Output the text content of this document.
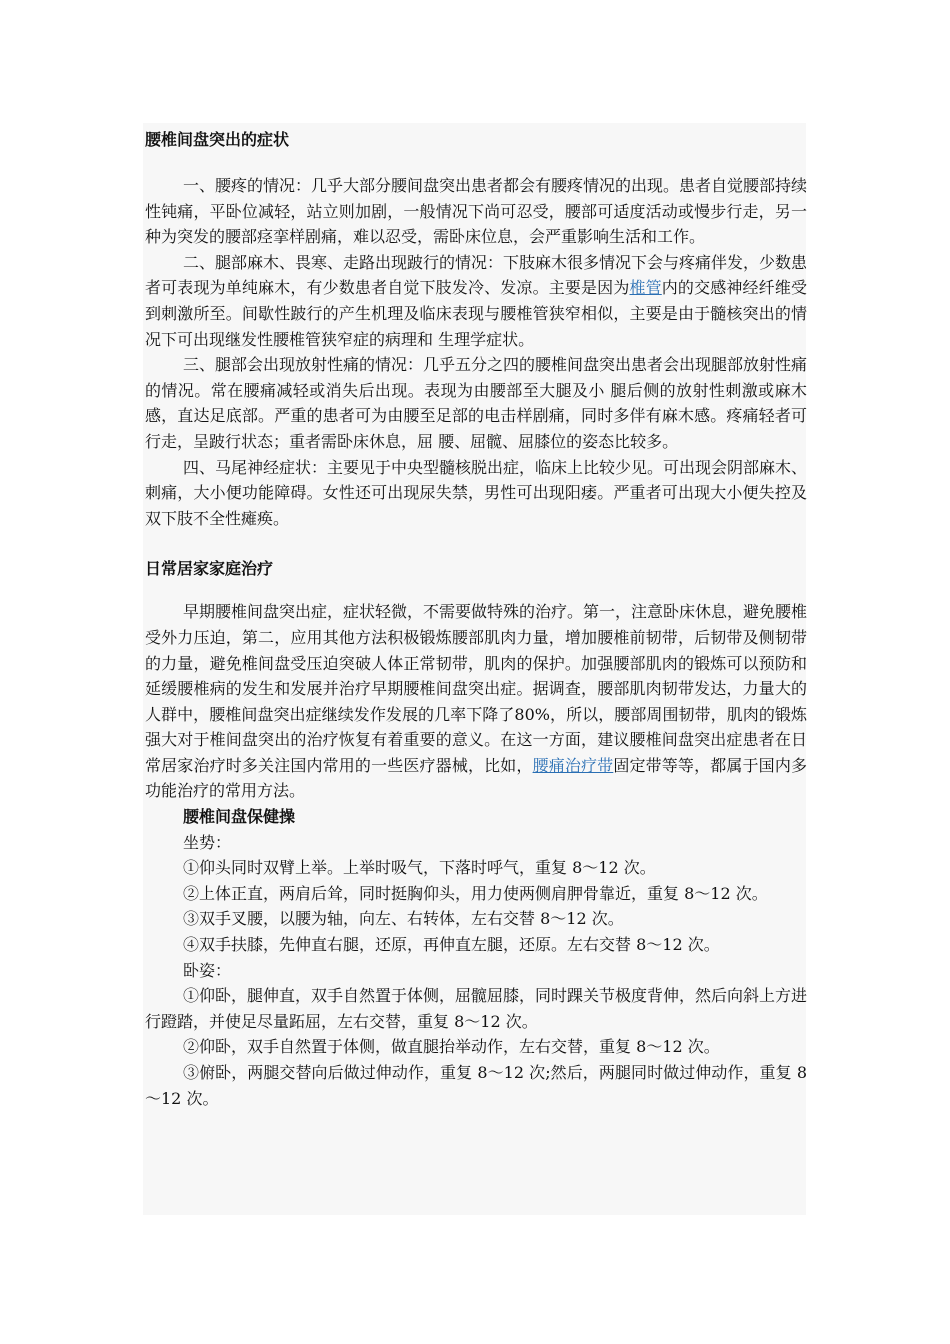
腰椎间盘突出的症状

一、腰疼的情况：几乎大部分腰间盘突出患者都会有腰疼情况的出现。患者自觉腰部持续性钝痛，平卧位减轻，站立则加剧，一般情况下尚可忍受，腰部可适度活动或慢步行走，另一种为突发的腰部痉挛样剧痛，难以忍受，需卧床位息，会严重影响生活和工作。

二、腿部麻木、畏寒、走路出现跛行的情况：下肢麻木很多情况下会与疼痛伴发，少数患者可表现为单纯麻木，有少数患者自觉下肢发冷、发凉。主要是因为椎管内的交感神经纤维受到刺激所至。间歇性跛行的产生机理及临床表现与腰椎管狭窄相似，主要是由于髓核突出的情况下可出现继发性腰椎管狭窄症的病理和 生理学症状。

三、腿部会出现放射性痛的情况：几乎五分之四的腰椎间盘突出患者会出现腿部放射性痛的情况。常在腰痛减轻或消失后出现。表现为由腰部至大腿及小 腿后侧的放射性刺激或麻木感，直达足底部。严重的患者可为由腰至足部的电击样剧痛，同时多伴有麻木感。疼痛轻者可行走，呈跛行状态；重者需卧床休息，屈 腰、屈髋、屈膝位的姿态比较多。

四、马尾神经症状：主要见于中央型髓核脱出症，临床上比较少见。可出现会阴部麻木、刺痛，大小便功能障碍。女性还可出现尿失禁，男性可出现阳痿。严重者可出现大小便失控及双下肢不全性瘫痪。

日常居家家庭治疗

早期腰椎间盘突出症，症状轻微，不需要做特殊的治疗。第一，注意卧床休息，避免腰椎受外力压迫，第二，应用其他方法积极锻炼腰部肌肉力量，增加腰椎前韧带，后韧带及侧韧带的力量，避免椎间盘受压迫突破人体正常韧带，肌肉的保护。加强腰部肌肉的锻炼可以预防和延缓腰椎病的发生和发展并治疗早期腰椎间盘突出症。据调查，腰部肌肉韧带发达，力量大的人群中，腰椎间盘突出症继续发作发展的几率下降了80%，所以，腰部周围韧带，肌肉的锻炼强大对于椎间盘突出的治疗恢复有着重要的意义。在这一方面，建议腰椎间盘突出症患者在日常居家治疗时多关注国内常用的一些医疗器械，比如，腰痛治疗带固定带等等，都属于国内多功能治疗的常用方法。

腰椎间盘保健操

坐势：

①仰头同时双臂上举。上举时吸气，下落时呼气，重复 8～12 次。

②上体正直，两肩后耸，同时挺胸仰头，用力使两侧肩胛骨靠近，重复 8～12 次。

③双手叉腰，以腰为轴，向左、右转体，左右交替 8～12 次。

④双手扶膝，先伸直右腿，还原，再伸直左腿，还原。左右交替 8～12 次。

卧姿：

①仰卧，腿伸直，双手自然置于体侧，屈髋屈膝，同时踝关节极度背伸，然后向斜上方进行蹬踏，并使足尽量跖屈，左右交替，重复 8～12 次。

②仰卧，双手自然置于体侧，做直腿抬举动作，左右交替，重复 8～12 次。

③俯卧，两腿交替向后做过伸动作，重复 8～12 次;然后，两腿同时做过伸动作，重复 8～12 次。
